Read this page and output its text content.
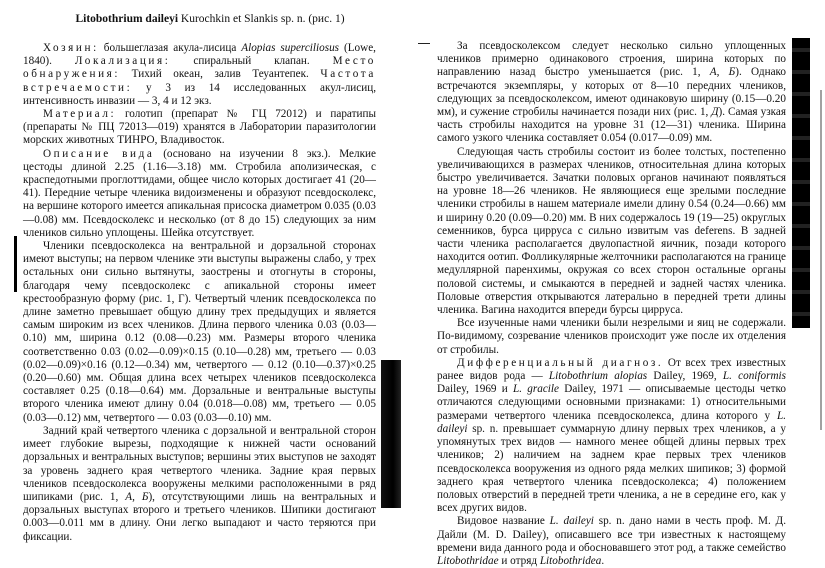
Litobothrium daileyi Kurochkin et Slankis sp. n. (рис. 1)

Хозяин: большеглазая акула-лисица Alopias superciliosus (Lowe, 1840). Локализация: спиральный клапан. Место обнаружения: Тихий океан, залив Теуантепек. Частота встречаемости: у 3 из 14 исследованных акул-лисиц, интенсивность инвазии — 3, 4 и 12 экз.

Материал: голотип (препарат № ГЦ 72012) и паратипы (препараты № ПЦ 72013—019) хранятся в Лаборатории паразитологии морских животных ТИНРО, Владивосток.

Описание вида (основано на изучении 8 экз.). Мелкие цестоды длиной 2.25 (1.16—3.18) мм. Стробила аполизическая, с краспедотными проглоттидами, общее число которых достигает 41 (20—41). Передние четыре членика видоизменены и образуют псевдосколекс, на вершине которого имеется апикальная присоска диаметром 0.035 (0.03—0.08) мм. Псевдосколекс и несколько (от 8 до 15) следующих за ним члеников сильно уплощены. Шейка отсутствует.

Членики псевдосколекса на вентральной и дорзальной сторонах имеют выступы; на первом членике эти выступы выражены слабо, у трех остальных они сильно вытянуты, заострены и отогнуты в стороны, благодаря чему псевдосколекс с апикальной стороны имеет крестообразную форму (рис. 1, Г). Четвертый членик псевдосколекса по длине заметно превышает общую длину трех предыдущих и является самым широким из всех члеников. Длина первого членика 0.03 (0.03—0.10) мм, ширина 0.12 (0.08—0.23) мм. Размеры второго членика соответственно 0.03 (0.02—0.09)×0.15 (0.10—0.28) мм, третьего — 0.03 (0.02—0.09)×0.16 (0.12—0.34) мм, четвертого — 0.12 (0.10—0.37)×0.25 (0.20—0.60) мм. Общая длина всех четырех члеников псевдосколекса составляет 0.25 (0.18—0.64) мм. Дорзальные и вентральные выступы второго членика имеют длину 0.04 (0.018—0.08) мм, третьего — 0.05 (0.03—0.12) мм, четвертого — 0.03 (0.03—0.10) мм.

Задний край четвертого членика с дорзальной и вентральной сторон имеет глубокие вырезы, подходящие к нижней части оснований дорзальных и вентральных выступов; вершины этих выступов не заходят за уровень заднего края четвертого членика. Задние края первых члеников псевдосколекса вооружены мелкими расположенными в ряд шипиками (рис. 1, А, Б), отсутствующими лишь на вентральных и дорзальных выступах второго и третьего члеников. Шипики достигают 0.003—0.011 мм в длину. Они легко выпадают и часто теряются при фиксации.

За псевдосколексом следует несколько сильно уплощенных члеников примерно одинакового строения, ширина которых по направлению назад быстро уменьшается (рис. 1, А, Б). Однако встречаются экземпляры, у которых от 8—10 передних члеников, следующих за псевдосколексом, имеют одинаковую ширину (0.15—0.20 мм), и сужение стробилы начинается позади них (рис. 1, Д). Самая узкая часть стробилы находится на уровне 31 (12—31) членика. Ширина самого узкого членика составляет 0.054 (0.017—0.09) мм.

Следующая часть стробилы состоит из более толстых, постепенно увеличивающихся в размерах члеников, относительная длина которых быстро увеличивается. Зачатки половых органов начинают появляться на уровне 18—26 члеников. Не являющиеся еще зрелыми последние членики стробилы в нашем материале имели длину 0.54 (0.24—0.66) мм и ширину 0.20 (0.09—0.20) мм. В них содержалось 19 (19—25) округлых семенников, бурса цирруса с сильно извитым vas deferens. В задней части членика располагается двулопастной яичник, позади которого находится оотип. Фолликулярные желточники располагаются на границе медуллярной паренхимы, окружая со всех сторон остальные органы половой системы, и смыкаются в передней и задней частях членика. Половые отверстия открываются латерально в передней трети длины членика. Вагина находится впереди бурсы цирруса.

Все изученные нами членики были незрелыми и яиц не содержали. По-видимому, созревание члеников происходит уже после их отделения от стробилы.

Дифференциальный диагноз. От всех трех известных ранее видов рода — Litobothrium alopias Dailey, 1969, L. coniformis Dailey, 1969 и L. gracile Dailey, 1971 — описываемые цестоды четко отличаются следующими основными признаками: 1) относительными размерами четвертого членика псевдосколекса, длина которого у L. daileyi sp. n. превышает суммарную длину первых трех члеников, а у упомянутых трех видов — намного менее общей длины первых трех члеников; 2) наличием на заднем крае первых трех члеников псевдосколекса вооружения из одного ряда мелких шипиков; 3) формой заднего края четвертого членика псевдосколекса; 4) положением половых отверстий в передней трети членика, а не в середине его, как у всех других видов.

Видовое название L. daileyi sp. n. дано нами в честь проф. М. Д. Дайли (M. D. Dailey), описавшего все три известных к настоящему времени вида данного рода и обосновавшего этот род, а также семейство Litobothridae и отряд Litobothridea.
